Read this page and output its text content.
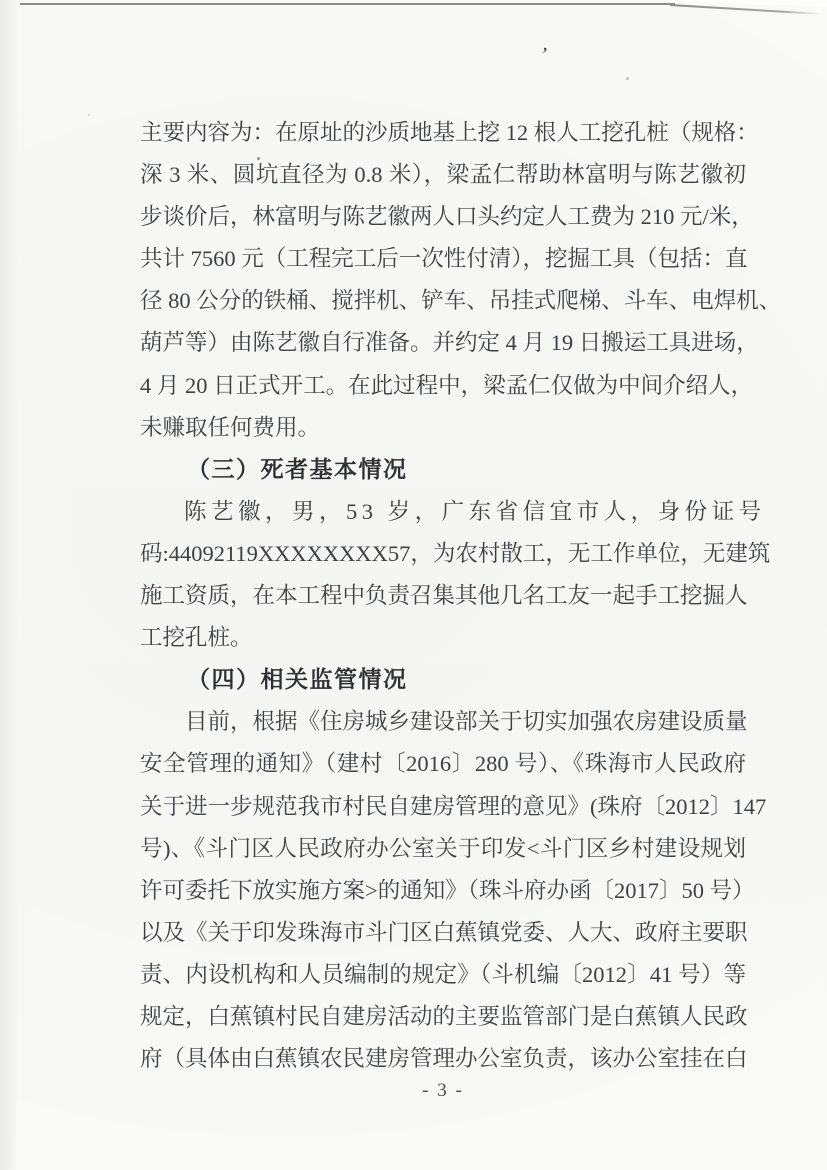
’
主要内容为：在原址的沙质地基上挖 12 根人工挖孔桩（规格：
深 3 米、圆坑直径为 0.8 米），梁孟仁帮助林富明与陈艺徽初
步谈价后，林富明与陈艺徽两人口头约定人工费为 210 元/米，
共计 7560 元（工程完工后一次性付清），挖掘工具（包括：直
径 80 公分的铁桶、搅拌机、铲车、吊挂式爬梯、斗车、电焊机、
葫芦等）由陈艺徽自行准备。并约定 4 月 19 日搬运工具进场，
4 月 20 日正式开工。在此过程中，梁孟仁仅做为中间介绍人，
未赚取任何费用。
（三）死者基本情况
陈艺徽，男，53 岁，广东省信宜市人，身份证号
码:44092119XXXXXXXX57，为农村散工，无工作单位，无建筑
施工资质，在本工程中负责召集其他几名工友一起手工挖掘人
工挖孔桩。
（四）相关监管情况
目前，根据《住房城乡建设部关于切实加强农房建设质量
安全管理的通知》（建村〔2016〕280 号）、《珠海市人民政府
关于进一步规范我市村民自建房管理的意见》(珠府〔2012〕147
号)、《斗门区人民政府办公室关于印发<斗门区乡村建设规划
许可委托下放实施方案>的通知》（珠斗府办函〔2017〕50 号）
以及《关于印发珠海市斗门区白蕉镇党委、人大、政府主要职
责、内设机构和人员编制的规定》（斗机编〔2012〕41 号）等
规定，白蕉镇村民自建房活动的主要监管部门是白蕉镇人民政
府（具体由白蕉镇农民建房管理办公室负责，该办公室挂在白
- 3 -
